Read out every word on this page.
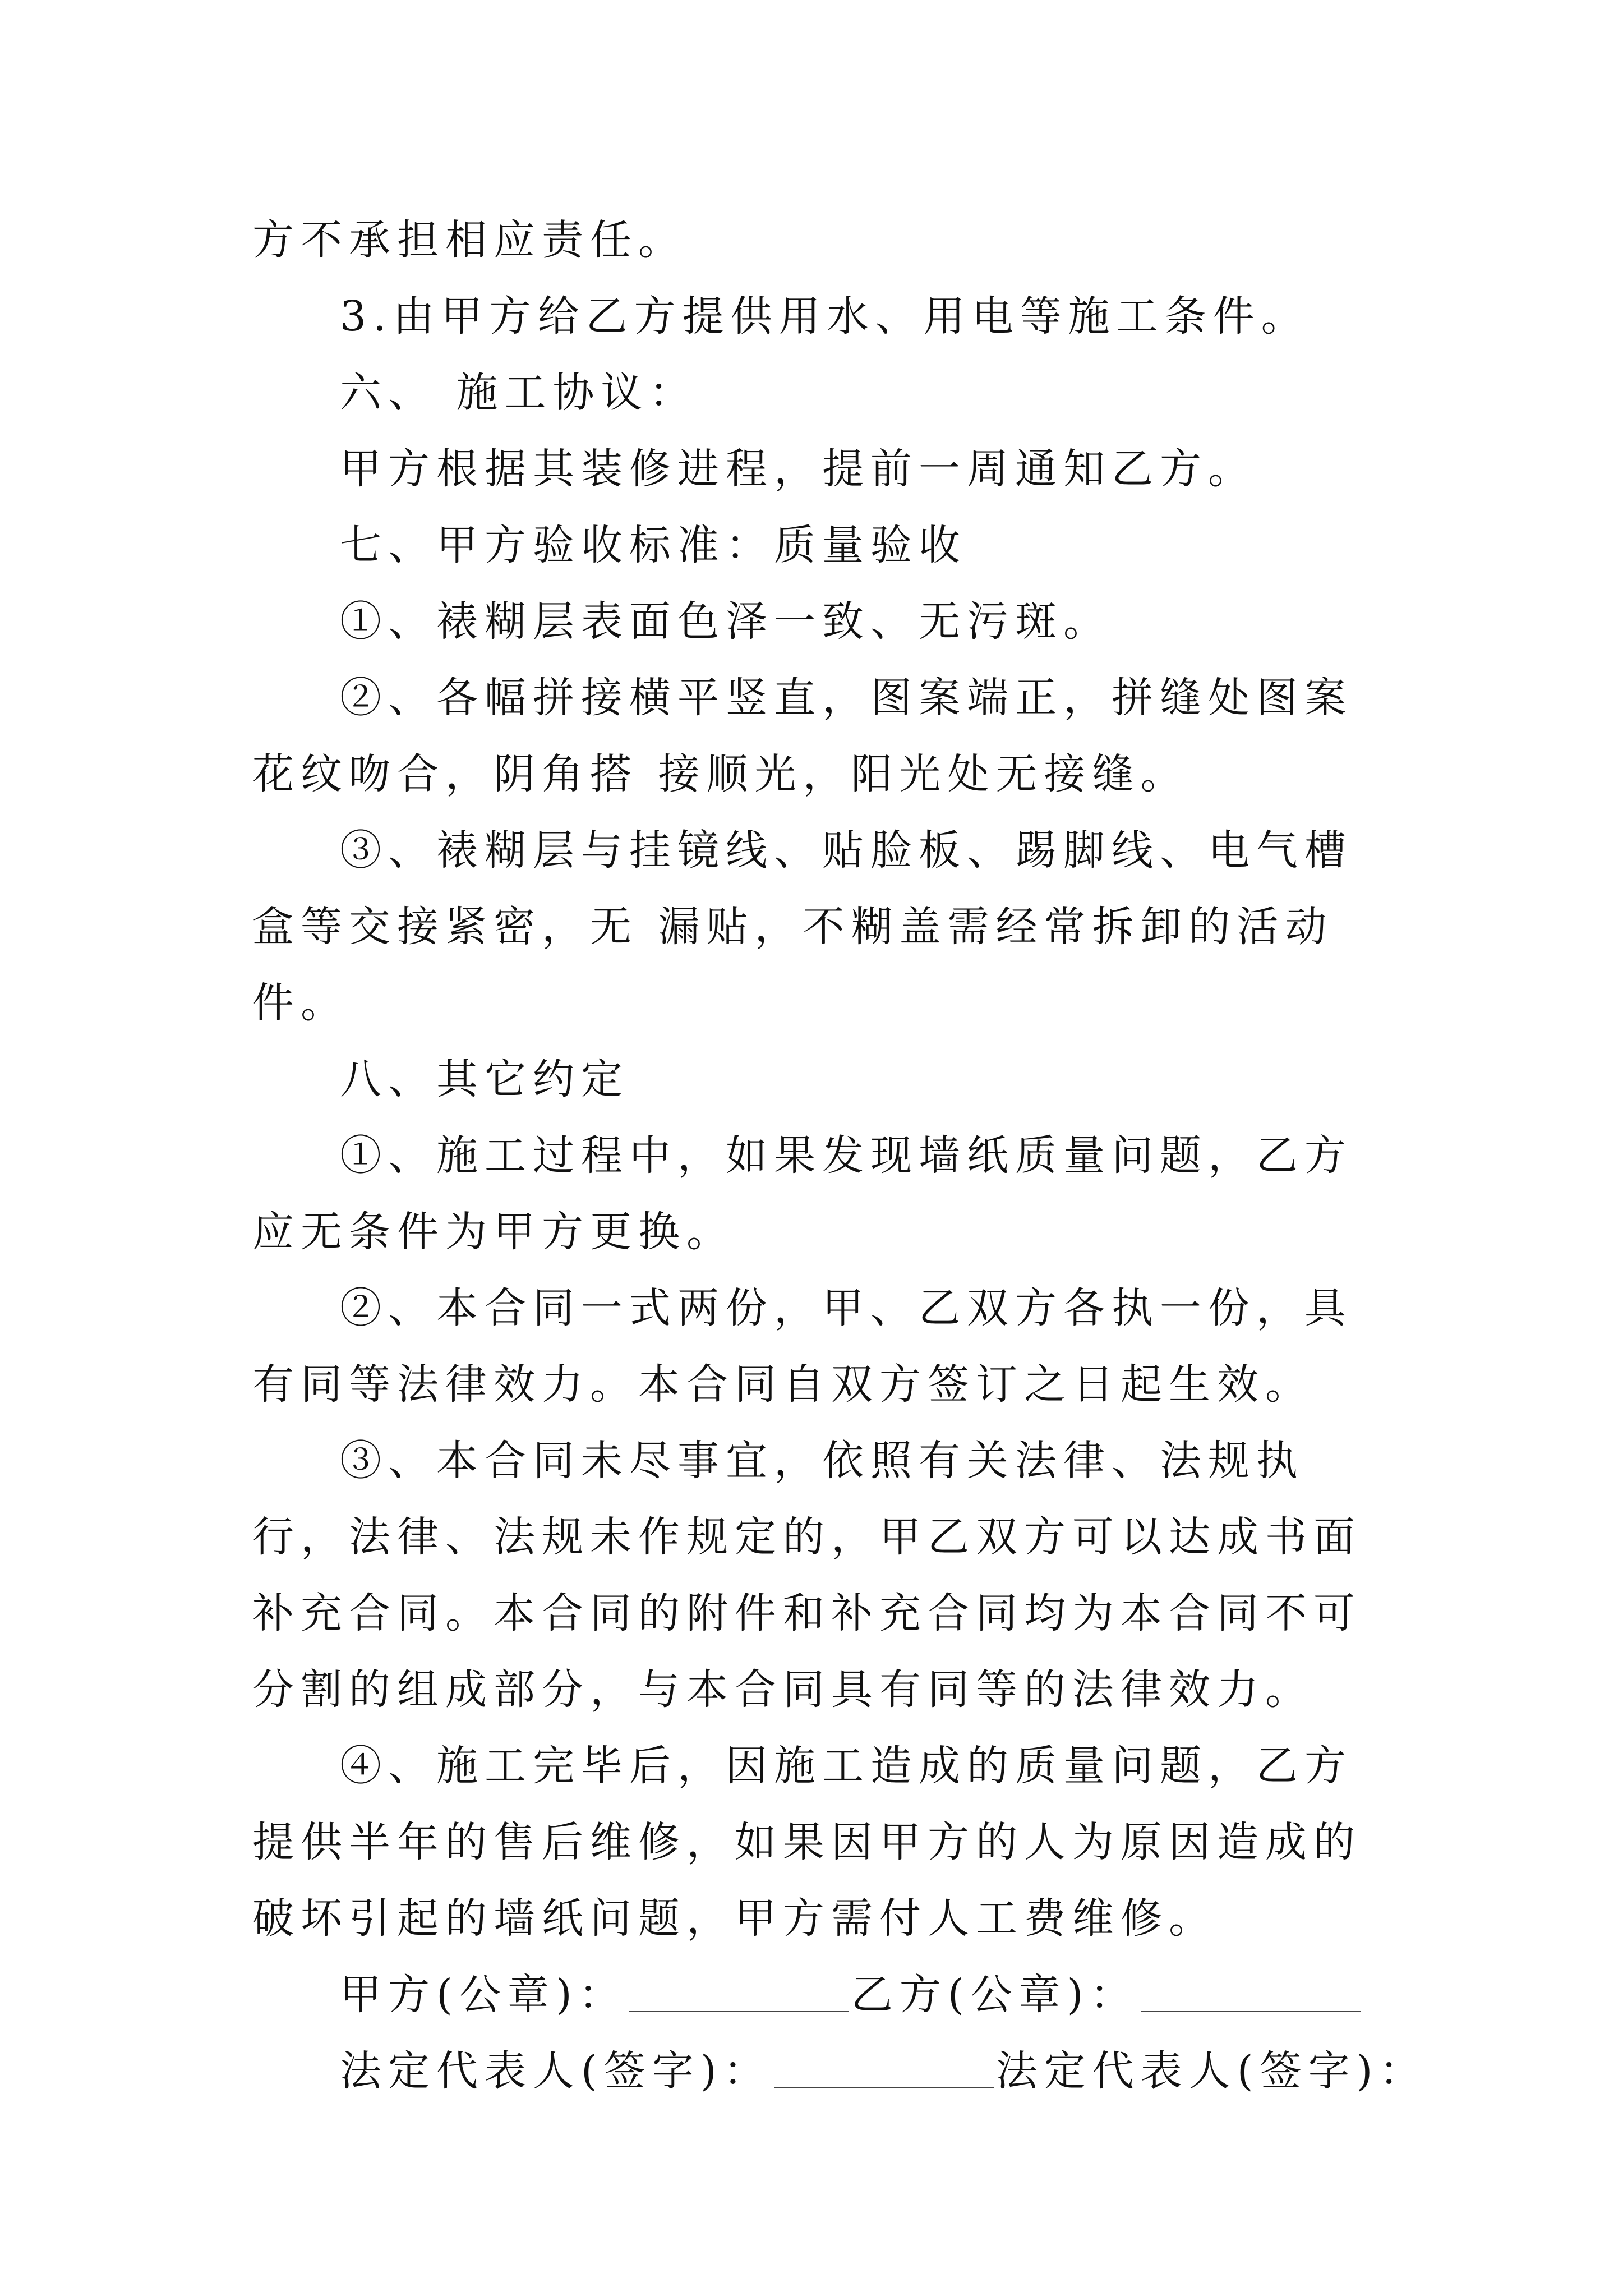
方不承担相应责任。

3.由甲方给乙方提供用水、用电等施工条件。

六、 施工协议：

甲方根据其装修进程，提前一周通知乙方。

七、甲方验收标准：质量验收

①、裱糊层表面色泽一致、无污斑。

②、各幅拼接横平竖直，图案端正，拼缝处图案花纹吻合，阴角搭 接顺光，阳光处无接缝。

③、裱糊层与挂镜线、贴脸板、踢脚线、电气槽盒等交接紧密，无 漏贴，不糊盖需经常拆卸的活动件。

八、其它约定

①、施工过程中，如果发现墙纸质量问题，乙方应无条件为甲方更换。

②、本合同一式两份，甲、乙双方各执一份，具有同等法律效力。本合同自双方签订之日起生效。

③、本合同未尽事宜，依照有关法律、法规执行，法律、法规未作规定的，甲乙双方可以达成书面补充合同。本合同的附件和补充合同均为本合同不可分割的组成部分，与本合同具有同等的法律效力。

④、施工完毕后，因施工造成的质量问题，乙方提供半年的售后维修，如果因甲方的人为原因造成的破坏引起的墙纸问题，甲方需付人工费维修。

甲方(公章)：	乙方(公章)：

法定代表人(签字)：	法定代表人(签字)：
